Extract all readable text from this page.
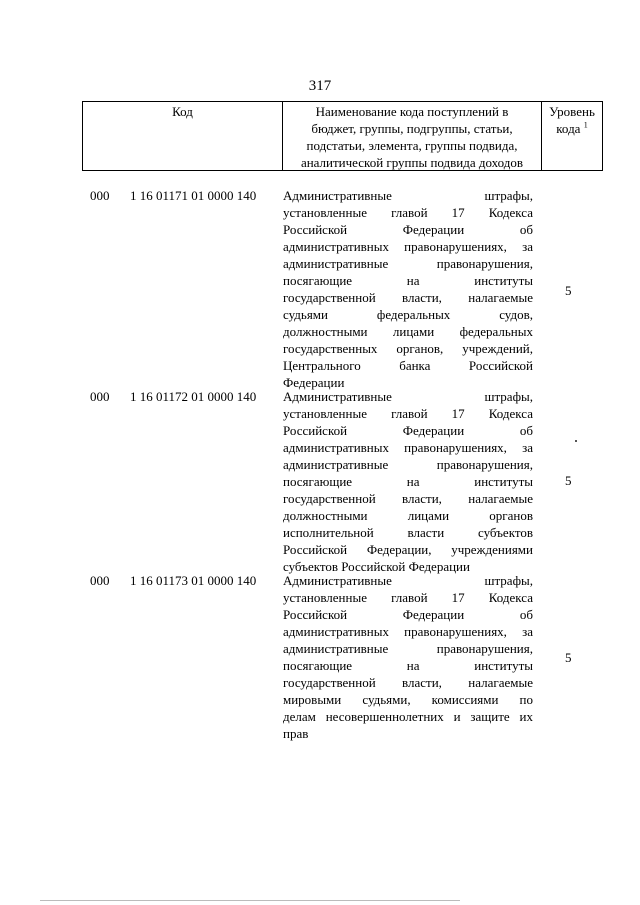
317
Код	Наименование кода поступлений в
бюджет, группы, подгруппы, статьи,
подстатьи, элемента, группы подвида,
аналитической группы подвида доходов
Уровень
кода $^1$
000 1 16 01171 01 0000 140 Административные штрафы,
установленные главой 17 Кодекса
Российской Федерации об
административных правонарушениях, за
административные правонарушения,
посягающие на институты
государственной власти, налагаемые
судьями федеральных судов,
должностными лицами федеральных
государственных органов, учреждений,
Центрального банка Российской
Федерации
5
000 1 16 01172 01 0000 140 Административные штрафы,
установленные главой 17 Кодекса
Российской Федерации об
административных правонарушениях, за
административные правонарушения,
посягающие на институты
государственной власти, налагаемые
должностными лицами органов
исполнительной власти субъектов
Российской Федерации, учреждениями
субъектов Российской Федерации
5
000 1 16 01173 01 0000 140 Административные штрафы,
установленные главой 17 Кодекса
Российской Федерации об
административных правонарушениях, за
административные правонарушения,
посягающие на институты
государственной власти, налагаемые
мировыми судьями, комиссиями по
делам несовершеннолетних и защите их
прав
5
